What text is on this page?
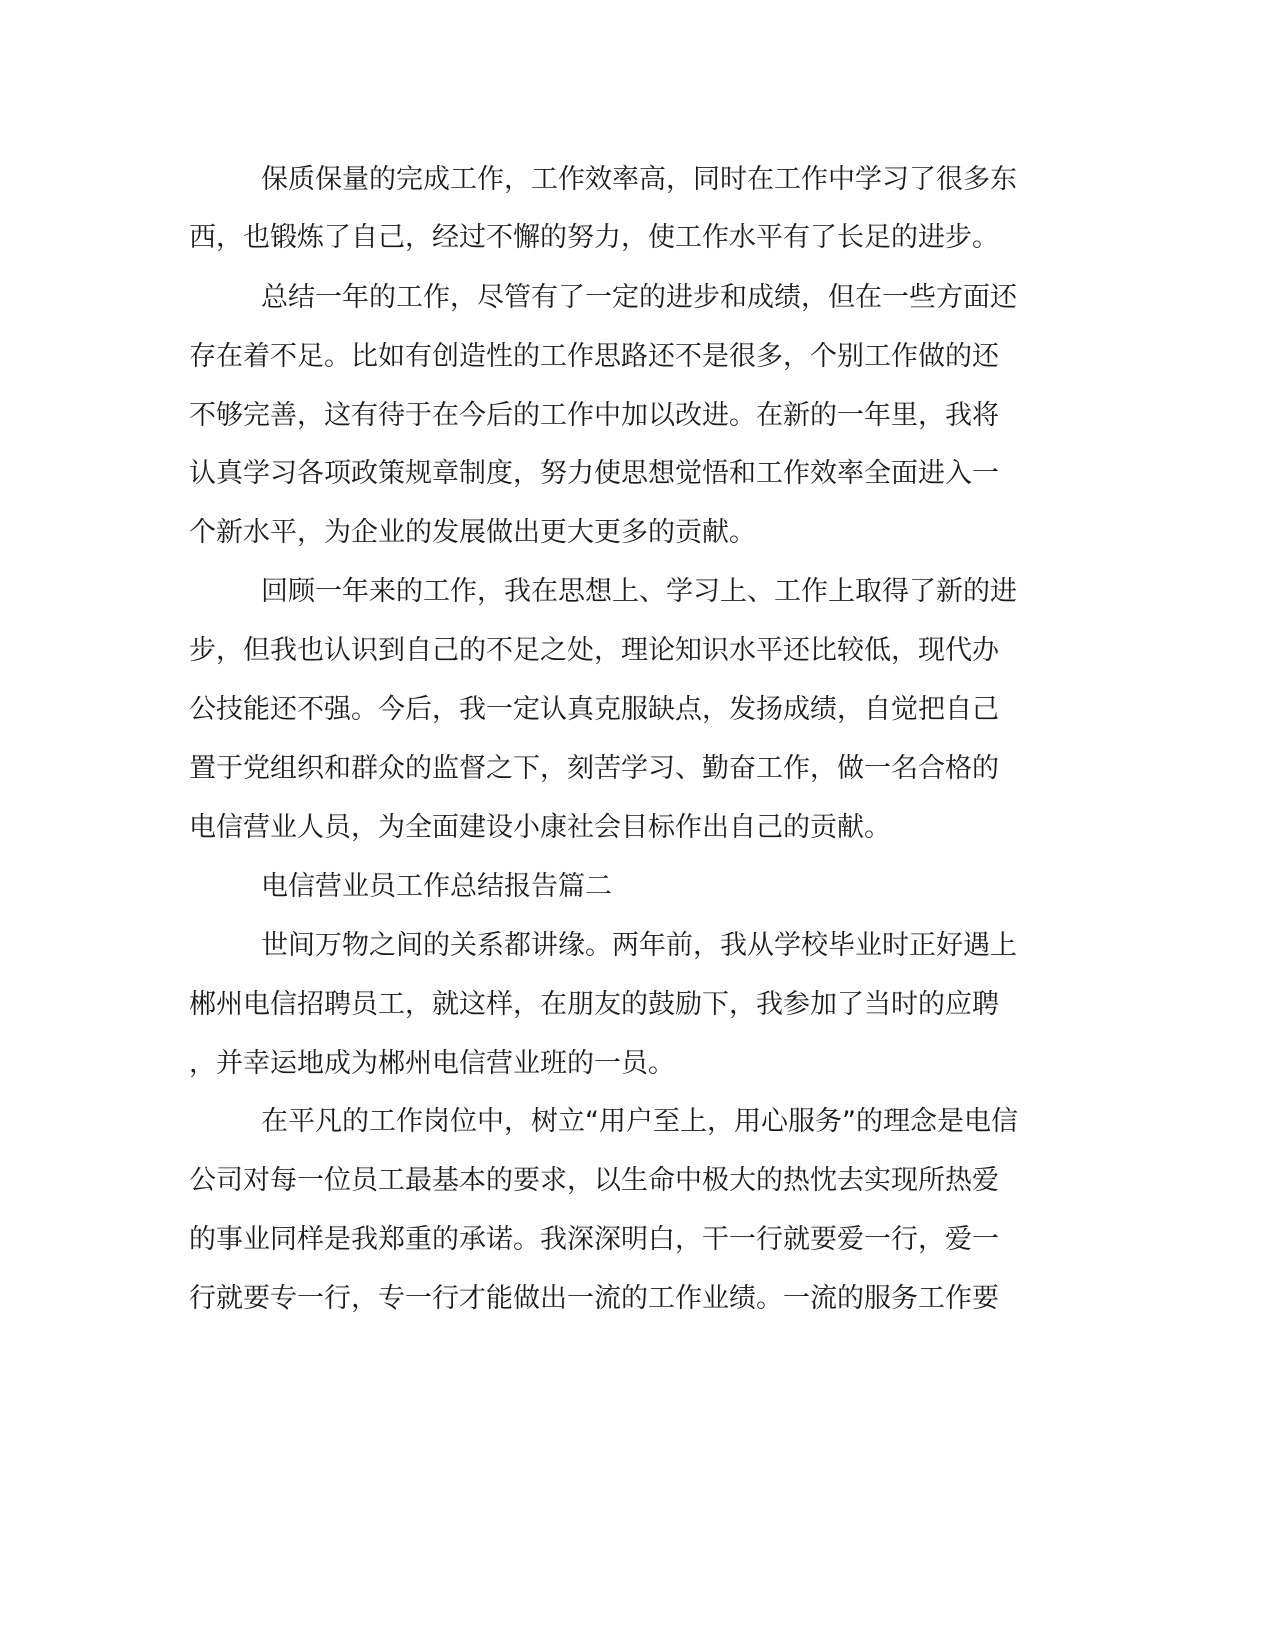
保质保量的完成工作，工作效率高，同时在工作中学习了很多东
西，也锻炼了自己，经过不懈的努力，使工作水平有了长足的进步。
总结一年的工作，尽管有了一定的进步和成绩，但在一些方面还
存在着不足。比如有创造性的工作思路还不是很多，个别工作做的还
不够完善，这有待于在今后的工作中加以改进。在新的一年里，我将
认真学习各项政策规章制度，努力使思想觉悟和工作效率全面进入一
个新水平，为企业的发展做出更大更多的贡献。
回顾一年来的工作，我在思想上、学习上、工作上取得了新的进
步，但我也认识到自己的不足之处，理论知识水平还比较低，现代办
公技能还不强。今后，我一定认真克服缺点，发扬成绩，自觉把自己
置于党组织和群众的监督之下，刻苦学习、勤奋工作，做一名合格的
电信营业人员，为全面建设小康社会目标作出自己的贡献。
电信营业员工作总结报告篇二
世间万物之间的关系都讲缘。两年前，我从学校毕业时正好遇上
郴州电信招聘员工，就这样，在朋友的鼓励下，我参加了当时的应聘
，并幸运地成为郴州电信营业班的一员。
在平凡的工作岗位中，树立“用户至上，用心服务”的理念是电信
公司对每一位员工最基本的要求，以生命中极大的热忱去实现所热爱
的事业同样是我郑重的承诺。我深深明白，干一行就要爱一行，爱一
行就要专一行，专一行才能做出一流的工作业绩。一流的服务工作要
